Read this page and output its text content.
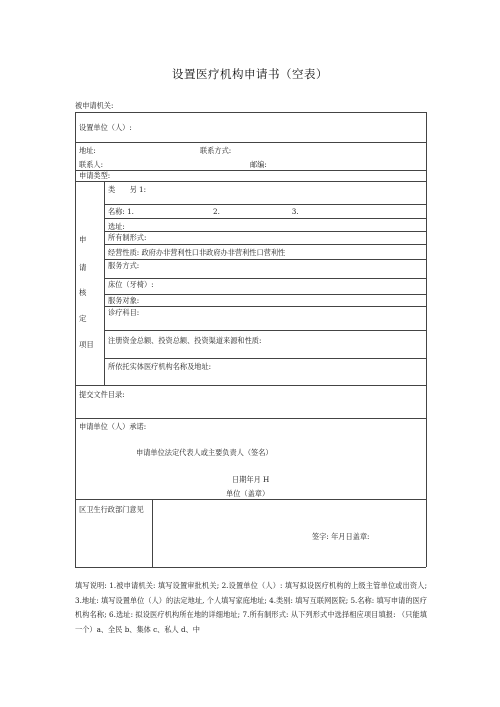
设置医疗机构申请书（空表）
被申请机关:
设置单位（人）:
地址:	联系方式:
联系人:	邮编:
申请类型:
申
请
核
定
项目
类　　另 1:
名称: 1.　　　　　　　　　　　2.　　　　　　　　　　3.
选址:
所有制形式:
经营性质: 政府办非营利性口非政府办非营利性口营利性
服务方式:
床位（牙椅）:
服务对象:
诊疗科目:
注册资金总额、投资总额、投资渠道来源和性质:
所依托实体医疗机构名称及地址:
提交文件目录:
申请单位（人）承诺:
申请单位法定代表人或主要负责人（签名）
日期年月 H
单位（盖章）
区卫生行政部门意见
签字: 年月日盖章:
填写说明: 1.被申请机关: 填写设置审批机关; 2.设置单位（人）: 填写拟设医疗机构的上级主管单位或出资人; 3.地址: 填写设置单位（人）的法定地址, 个人填写家庭地址; 4.类别: 填写互联网医院; 5.名称: 填写申请的医疗机构名称; 6.选址: 拟设医疗机构所在地的详细地址; 7.所有制形式: 从下列形式中选择相应项目填报: （只能填一个）a、全民 b、集体 c、私人 d、中
